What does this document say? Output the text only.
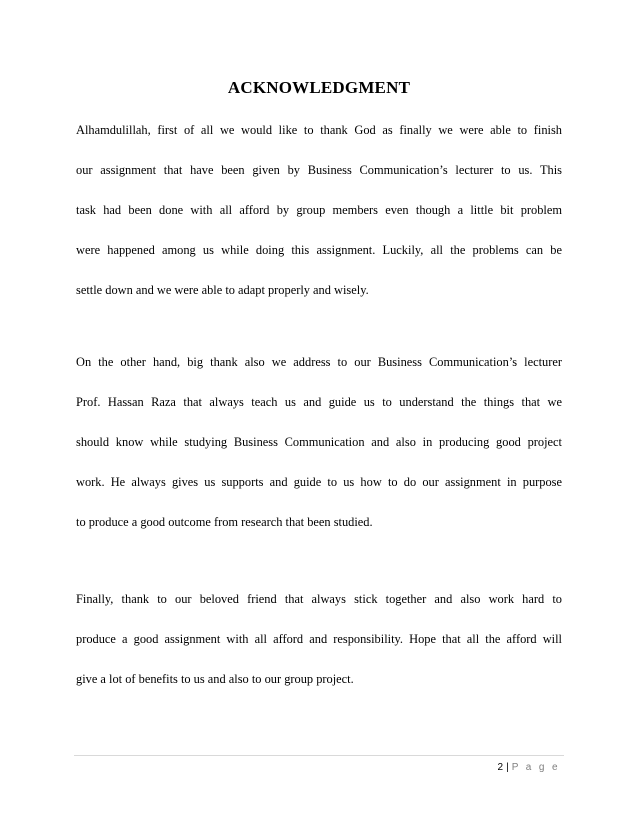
ACKNOWLEDGMENT
Alhamdulillah, first of all we would like to thank God as finally we were able to finish
our assignment that have been given by Business Communication’s lecturer to us. This
task had been done with all afford by group members even though a little bit problem
were happened among us while doing this assignment. Luckily, all the problems can be
settle down and we were able to adapt properly and wisely.
On the other hand, big thank also we address to our Business Communication’s lecturer
Prof. Hassan Raza that always teach us and guide us to understand the things that we
should know while studying Business Communication and also in producing good project
work. He always gives us supports and guide to us how to do our assignment in purpose
to produce a good outcome from research that been studied.
Finally, thank to our beloved friend that always stick together and also work hard to
produce a good assignment with all afford and responsibility. Hope that all the afford will
give a lot of benefits to us and also to our group project.
2 | P a g e
